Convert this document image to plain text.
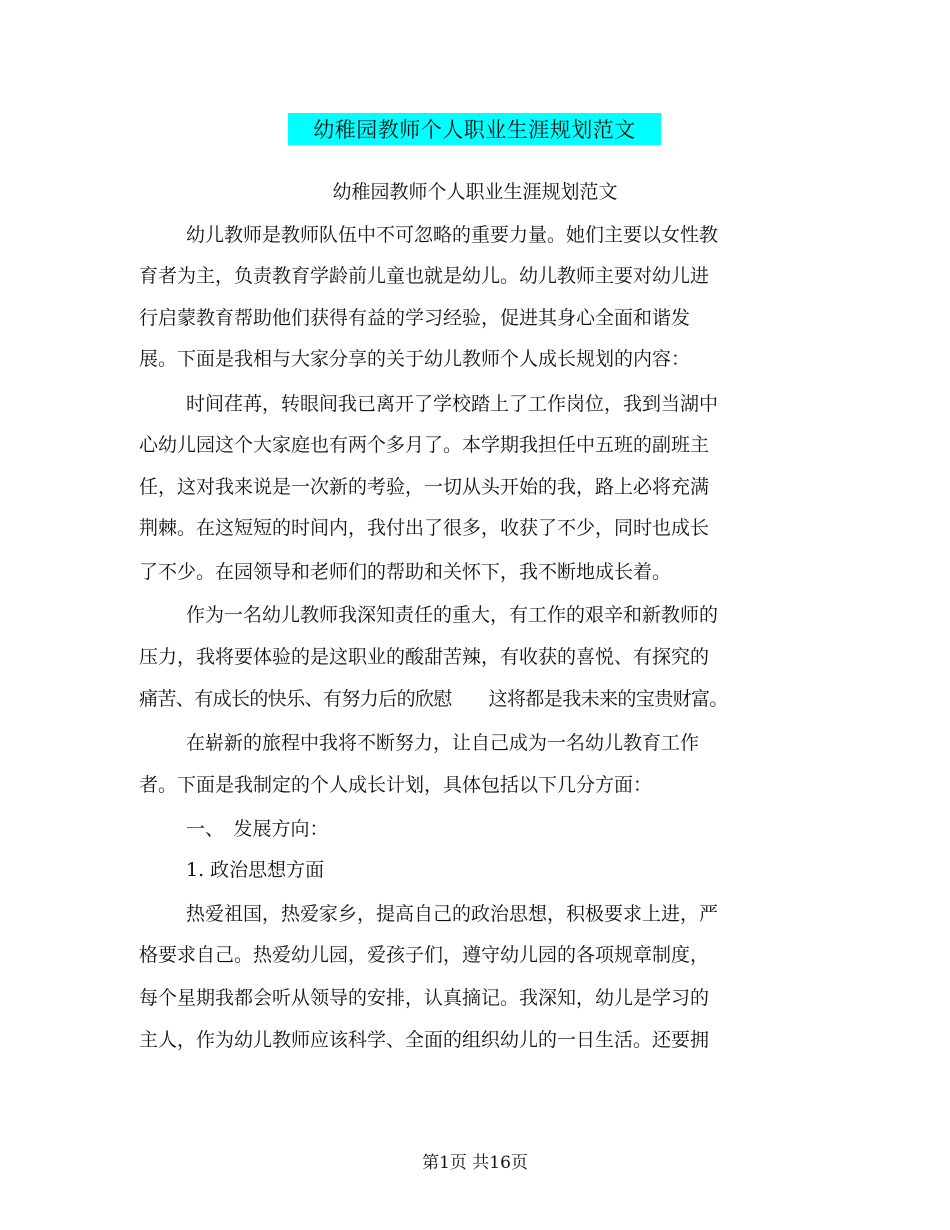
幼稚园教师个人职业生涯规划范文
幼稚园教师个人职业生涯规划范文
幼儿教师是教师队伍中不可忽略的重要力量。她们主要以女性教
育者为主，负责教育学龄前儿童也就是幼儿。幼儿教师主要对幼儿进
行启蒙教育帮助他们获得有益的学习经验，促进其身心全面和谐发
展。下面是我相与大家分享的关于幼儿教师个人成长规划的内容：
时间荏苒，转眼间我已离开了学校踏上了工作岗位，我到当湖中
心幼儿园这个大家庭也有两个多月了。本学期我担任中五班的副班主
任，这对我来说是一次新的考验，一切从头开始的我，路上必将充满
荆棘。在这短短的时间内，我付出了很多，收获了不少，同时也成长
了不少。在园领导和老师们的帮助和关怀下，我不断地成长着。
作为一名幼儿教师我深知责任的重大，有工作的艰辛和新教师的
压力，我将要体验的是这职业的酸甜苦辣，有收获的喜悦、有探究的
痛苦、有成长的快乐、有努力后的欣慰　　这将都是我未来的宝贵财富。
在崭新的旅程中我将不断努力，让自己成为一名幼儿教育工作
者。下面是我制定的个人成长计划，具体包括以下几分方面：
一、　发展方向：
1. 政治思想方面
热爱祖国，热爱家乡，提高自己的政治思想，积极要求上进，严
格要求自己。热爱幼儿园，爱孩子们，遵守幼儿园的各项规章制度，
每个星期我都会听从领导的安排，认真摘记。我深知，幼儿是学习的
主人，作为幼儿教师应该科学、全面的组织幼儿的一日生活。还要拥
第1页 共16页
